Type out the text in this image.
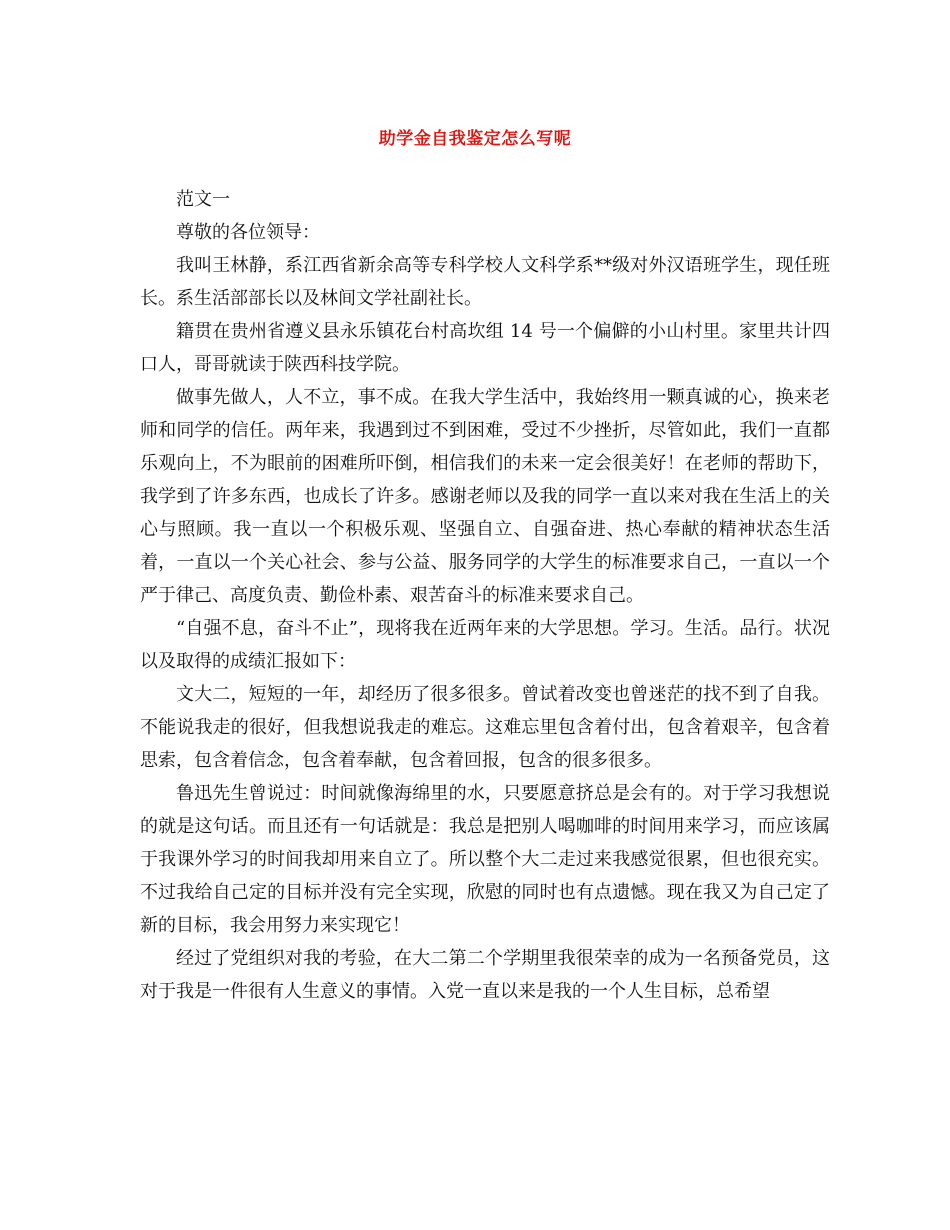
助学金自我鉴定怎么写呢

范文一

尊敬的各位领导：

我叫王林静，系江西省新余高等专科学校人文科学系**级对外汉语班学生，现任班长。系生活部部长以及林间文学社副社长。

籍贯在贵州省遵义县永乐镇花台村高坎组 14 号一个偏僻的小山村里。家里共计四口人，哥哥就读于陕西科技学院。

做事先做人，人不立，事不成。在我大学生活中，我始终用一颗真诚的心，换来老师和同学的信任。两年来，我遇到过不到困难，受过不少挫折，尽管如此，我们一直都乐观向上，不为眼前的困难所吓倒，相信我们的未来一定会很美好！在老师的帮助下，我学到了许多东西，也成长了许多。感谢老师以及我的同学一直以来对我在生活上的关心与照顾。我一直以一个积极乐观、坚强自立、自强奋进、热心奉献的精神状态生活着，一直以一个关心社会、参与公益、服务同学的大学生的标准要求自己，一直以一个严于律己、高度负责、勤俭朴素、艰苦奋斗的标准来要求自己。

“自强不息，奋斗不止”，现将我在近两年来的大学思想。学习。生活。品行。状况以及取得的成绩汇报如下：

文大二，短短的一年，却经历了很多很多。曾试着改变也曾迷茫的找不到了自我。不能说我走的很好，但我想说我走的难忘。这难忘里包含着付出，包含着艰辛，包含着思索，包含着信念，包含着奉献，包含着回报，包含的很多很多。

鲁迅先生曾说过：时间就像海绵里的水，只要愿意挤总是会有的。对于学习我想说的就是这句话。而且还有一句话就是：我总是把别人喝咖啡的时间用来学习，而应该属于我课外学习的时间我却用来自立了。所以整个大二走过来我感觉很累，但也很充实。不过我给自己定的目标并没有完全实现，欣慰的同时也有点遗憾。现在我又为自己定了新的目标，我会用努力来实现它！

经过了党组织对我的考验，在大二第二个学期里我很荣幸的成为一名预备党员，这对于我是一件很有人生意义的事情。入党一直以来是我的一个人生目标，总希望
